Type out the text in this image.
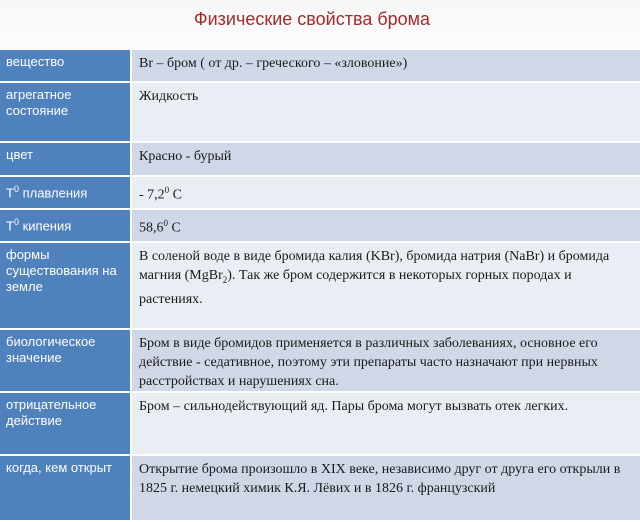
Физические свойства брома
вещество	Br – бром ( от др. – греческого – «зловоние»)
агрегатное состояние	Жидкость
цвет	Красно - бурый
$Т^0$ плавления	- $7,2^0$ С
$Т^0$ кипения	58,6$^0$ С
формы существования на земле	В соленой воде в виде бромида калия (KBr), бромида натрия (NaBr) и бромида магния (MgBr$_2$). Так же бром содержится в некоторых горных породах и растениях.
биологическое значение	Бром в виде бромидов применяется в различных заболеваниях, основное его действие - седативное, поэтому эти препараты часто назначают при нервных расстройствах и нарушениях сна.
отрицательное действие	Бром – сильнодействующий яд. Пары брома могут вызвать отек легких.
когда, кем открыт	Открытие брома произошло в XIX веке, независимо друг от друга его открыли в 1825 г. немецкий химик К.Я. Лёвих и в 1826 г. французский
